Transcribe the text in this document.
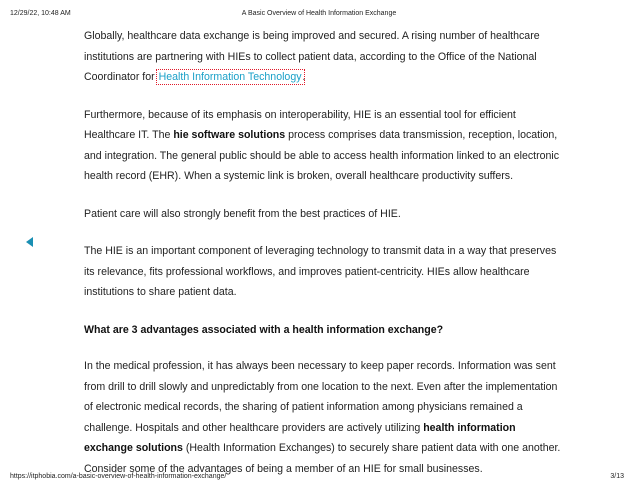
12/29/22, 10:48 AM	A Basic Overview of Health Information Exchange

Globally, healthcare data exchange is being improved and secured. A rising number of healthcare institutions are partnering with HIEs to collect patient data, according to the Office of the National Coordinator for Health Information Technology.

Furthermore, because of its emphasis on interoperability, HIE is an essential tool for efficient Healthcare IT. The hie software solutions process comprises data transmission, reception, location, and integration. The general public should be able to access health information linked to an electronic health record (EHR). When a systemic link is broken, overall healthcare productivity suffers.

Patient care will also strongly benefit from the best practices of HIE.

The HIE is an important component of leveraging technology to transmit data in a way that preserves its relevance, fits professional workflows, and improves patient-centricity. HIEs allow healthcare institutions to share patient data.

What are 3 advantages associated with a health information exchange?

In the medical profession, it has always been necessary to keep paper records. Information was sent from drill to drill slowly and unpredictably from one location to the next. Even after the implementation of electronic medical records, the sharing of patient information among physicians remained a challenge. Hospitals and other healthcare providers are actively utilizing health information exchange solutions (Health Information Exchanges) to securely share patient data with one another. Consider some of the advantages of being a member of an HIE for small businesses.

https://itphobia.com/a-basic-overview-of-health-information-exchange/	3/13
